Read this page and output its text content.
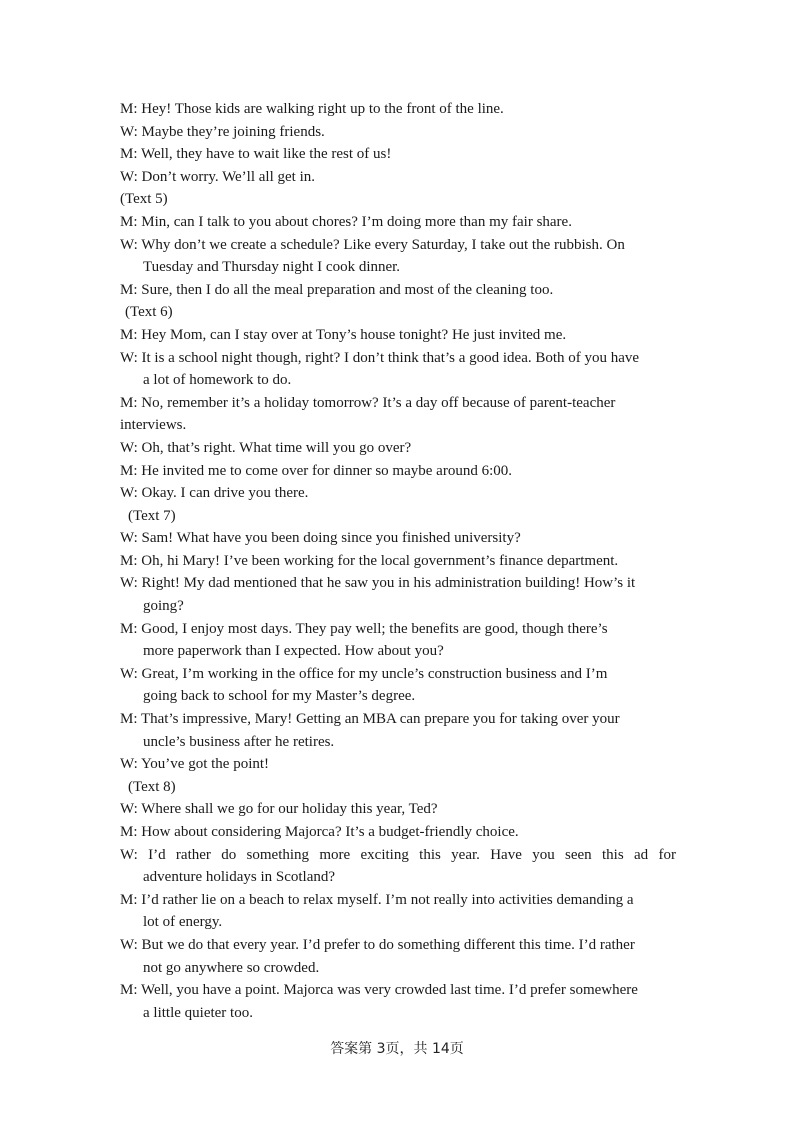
M: Hey! Those kids are walking right up to the front of the line.

W: Maybe they’re joining friends.

M: Well, they have to wait like the rest of us!

W: Don’t worry. We’ll all get in.

(Text 5)

M: Min, can I talk to you about chores? I’m doing more than my fair share.

W: Why don’t we create a schedule? Like every Saturday, I take out the rubbish. On

Tuesday and Thursday night I cook dinner.

M: Sure, then I do all the meal preparation and most of the cleaning too.

(Text 6)

M: Hey Mom, can I stay over at Tony’s house tonight? He just invited me.

W: It is a school night though, right? I don’t think that’s a good idea. Both of you have

a lot of homework to do.

M: No, remember it’s a holiday tomorrow? It’s a day off because of parent-teacher

interviews.

W: Oh, that’s right. What time will you go over?

M: He invited me to come over for dinner so maybe around 6:00.

W: Okay. I can drive you there.

(Text 7)

W: Sam! What have you been doing since you finished university?

M: Oh, hi Mary! I’ve been working for the local government’s finance department.

W: Right! My dad mentioned that he saw you in his administration building! How’s it

going?

M: Good, I enjoy most days. They pay well; the benefits are good, though there’s

more paperwork than I expected. How about you?

W: Great, I’m working in the office for my uncle’s construction business and I’m

going back to school for my Master’s degree.

M: That’s impressive, Mary! Getting an MBA can prepare you for taking over your

uncle’s business after he retires.

W: You’ve got the point!

(Text 8)

W: Where shall we go for our holiday this year, Ted?

M: How about considering Majorca? It’s a budget-friendly choice.

W: I’d rather do something more exciting this year. Have you seen this ad for

adventure holidays in Scotland?

M: I’d rather lie on a beach to relax myself. I’m not really into activities demanding a

lot of energy.

W: But we do that every year. I’d prefer to do something different this time. I’d rather

not go anywhere so crowded.

M: Well, you have a point. Majorca was very crowded last time. I’d prefer somewhere

a little quieter too.

答案第 3页，共 14页
